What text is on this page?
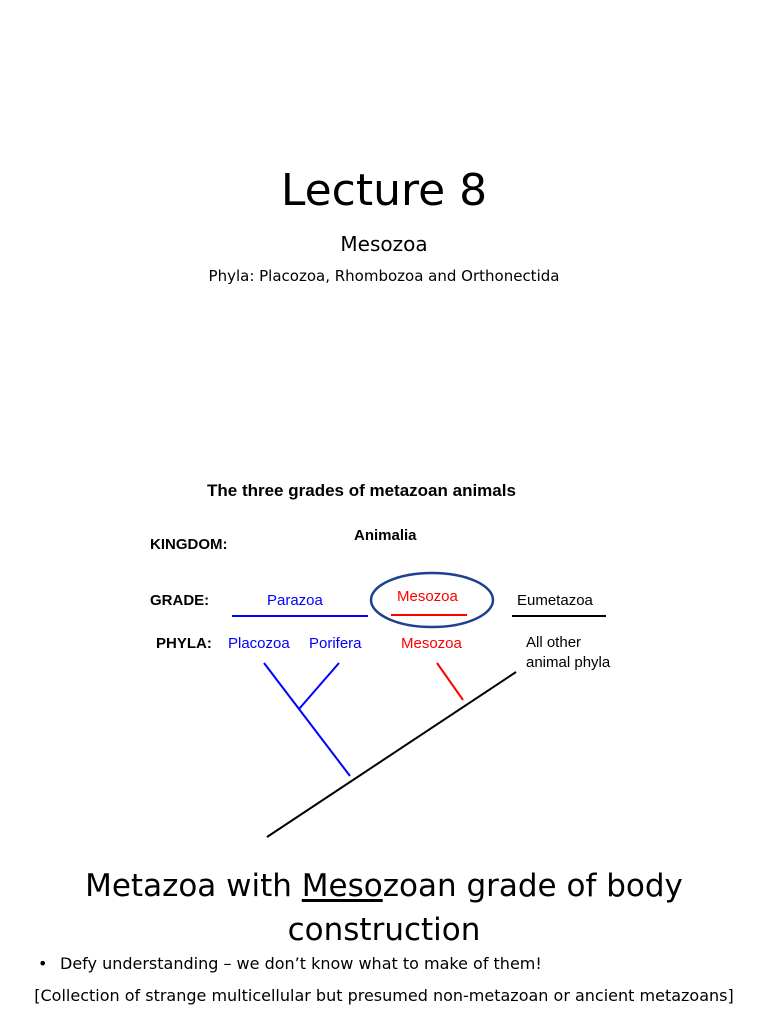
Lecture 8
Mesozoa
Phyla: Placozoa, Rhombozoa and Orthonectida
The three grades of metazoan animals
KINGDOM:
Animalia
GRADE:	Parazoa	Mesozoa	Eumetazoa
PHYLA: Placozoa Porifera	Mesozoa	All other
animal phyla
Metazoa with Mesozoan grade of body
construction
• Defy understanding – we don’t know what to make of them!
[Collection of strange multicellular but presumed non-metazoan or ancient metazoans]
